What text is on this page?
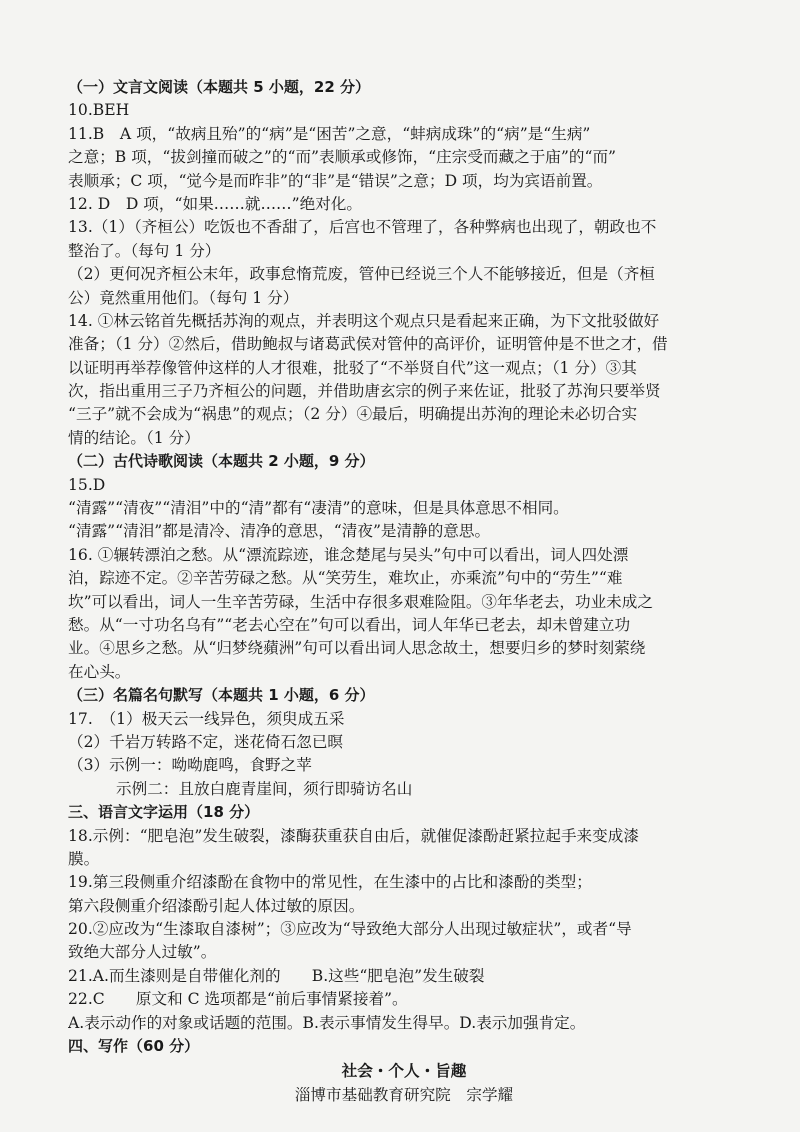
（一）文言文阅读（本题共 5 小题，22 分）
10.BEH
11.B　A 项，“故病且殆”的“病”是“困苦”之意，“蚌病成珠”的“病”是“生病”
之意；B 项，“拔剑撞而破之”的“而”表顺承或修饰，“庄宗受而藏之于庙”的“而”
表顺承；C 项，“觉今是而昨非”的“非”是“错误”之意；D 项，均为宾语前置。
12. D　D 项，“如果……就……”绝对化。
13.（1）（齐桓公）吃饭也不香甜了，后宫也不管理了，各种弊病也出现了，朝政也不
整治了。（每句 1 分）
（2）更何况齐桓公末年，政事怠惰荒废，管仲已经说三个人不能够接近，但是（齐桓
公）竟然重用他们。（每句 1 分）
14. ①林云铭首先概括苏洵的观点，并表明这个观点只是看起来正确，为下文批驳做好
准备；（1 分）②然后，借助鲍叔与诸葛武侯对管仲的高评价，证明管仲是不世之才，借
以证明再举荐像管仲这样的人才很难，批驳了“不举贤自代”这一观点；（1 分）③其
次，指出重用三子乃齐桓公的问题，并借助唐玄宗的例子来佐证，批驳了苏洵只要举贤
“三子”就不会成为“祸患”的观点；（2 分）④最后，明确提出苏洵的理论未必切合实
情的结论。（1 分）
（二）古代诗歌阅读（本题共 2 小题，9 分）
15.D
“清露”“清夜”“清泪”中的“清”都有“凄清”的意味，但是具体意思不相同。
“清露”“清泪”都是清冷、清净的意思，“清夜”是清静的意思。
16. ①辗转漂泊之愁。从“漂流踪迹，谁念楚尾与吴头”句中可以看出，词人四处漂
泊，踪迹不定。②辛苦劳碌之愁。从“笑劳生，难坎止，亦乘流”句中的“劳生”“难
坎”可以看出，词人一生辛苦劳碌，生活中存很多艰难险阻。③年华老去，功业未成之
愁。从“一寸功名乌有”“老去心空在”句可以看出，词人年华已老去，却未曾建立功
业。④思乡之愁。从“归梦绕蘋洲”句可以看出词人思念故土，想要归乡的梦时刻萦绕
在心头。
（三）名篇名句默写（本题共 1 小题，6 分）
17.　（1）极天云一线异色，须臾成五采
（2）千岩万转路不定，迷花倚石忽已暝
（3）示例一：呦呦鹿鸣，食野之苹
示例二：且放白鹿青崖间，须行即骑访名山
三、语言文字运用（18 分）
18.示例：“肥皂泡”发生破裂，漆酶获重获自由后，就催促漆酚赶紧拉起手来变成漆
膜。
19.第三段侧重介绍漆酚在食物中的常见性，在生漆中的占比和漆酚的类型；
第六段侧重介绍漆酚引起人体过敏的原因。
20.②应改为“生漆取自漆树”；③应改为“导致绝大部分人出现过敏症状”，或者“导
致绝大部分人过敏”。
21.A.而生漆则是自带催化剂的　　B.这些“肥皂泡”发生破裂
22.C　　原文和 C 选项都是“前后事情紧接着”。
A.表示动作的对象或话题的范围。B.表示事情发生得早。D.表示加强肯定。
四、写作（60 分）
社会・个人・旨趣
淄博市基础教育研究院　宗学耀
